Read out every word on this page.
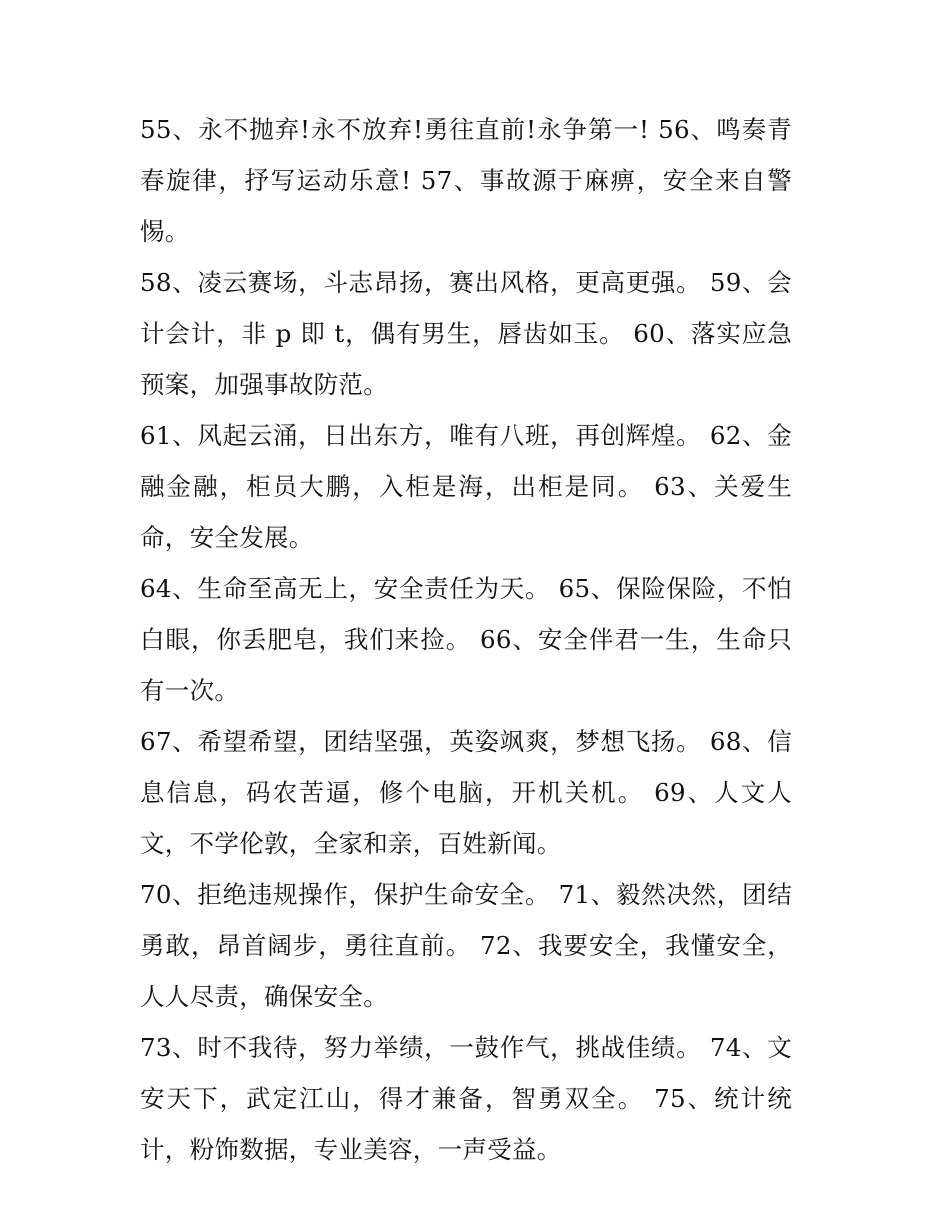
55、永不抛弃!永不放弃!勇往直前!永争第一! 56、鸣奏青春旋律，抒写运动乐意! 57、事故源于麻痹，安全来自警惕。

58、凌云赛场，斗志昂扬，赛出风格，更高更强。 59、会计会计，非 p 即 t，偶有男生，唇齿如玉。 60、落实应急预案，加强事故防范。

61、风起云涌，日出东方，唯有八班，再创辉煌。 62、金融金融，柜员大鹏，入柜是海，出柜是同。 63、关爱生命，安全发展。

64、生命至高无上，安全责任为天。 65、保险保险，不怕白眼，你丢肥皂，我们来捡。 66、安全伴君一生，生命只有一次。

67、希望希望，团结坚强，英姿飒爽，梦想飞扬。 68、信息信息，码农苦逼，修个电脑，开机关机。 69、人文人文，不学伦敦，全家和亲，百姓新闻。

70、拒绝违规操作，保护生命安全。 71、毅然决然，团结勇敢，昂首阔步，勇往直前。 72、我要安全，我懂安全，人人尽责，确保安全。

73、时不我待，努力举绩，一鼓作气，挑战佳绩。 74、文安天下，武定江山，得才兼备，智勇双全。 75、统计统计，粉饰数据，专业美容，一声受益。
